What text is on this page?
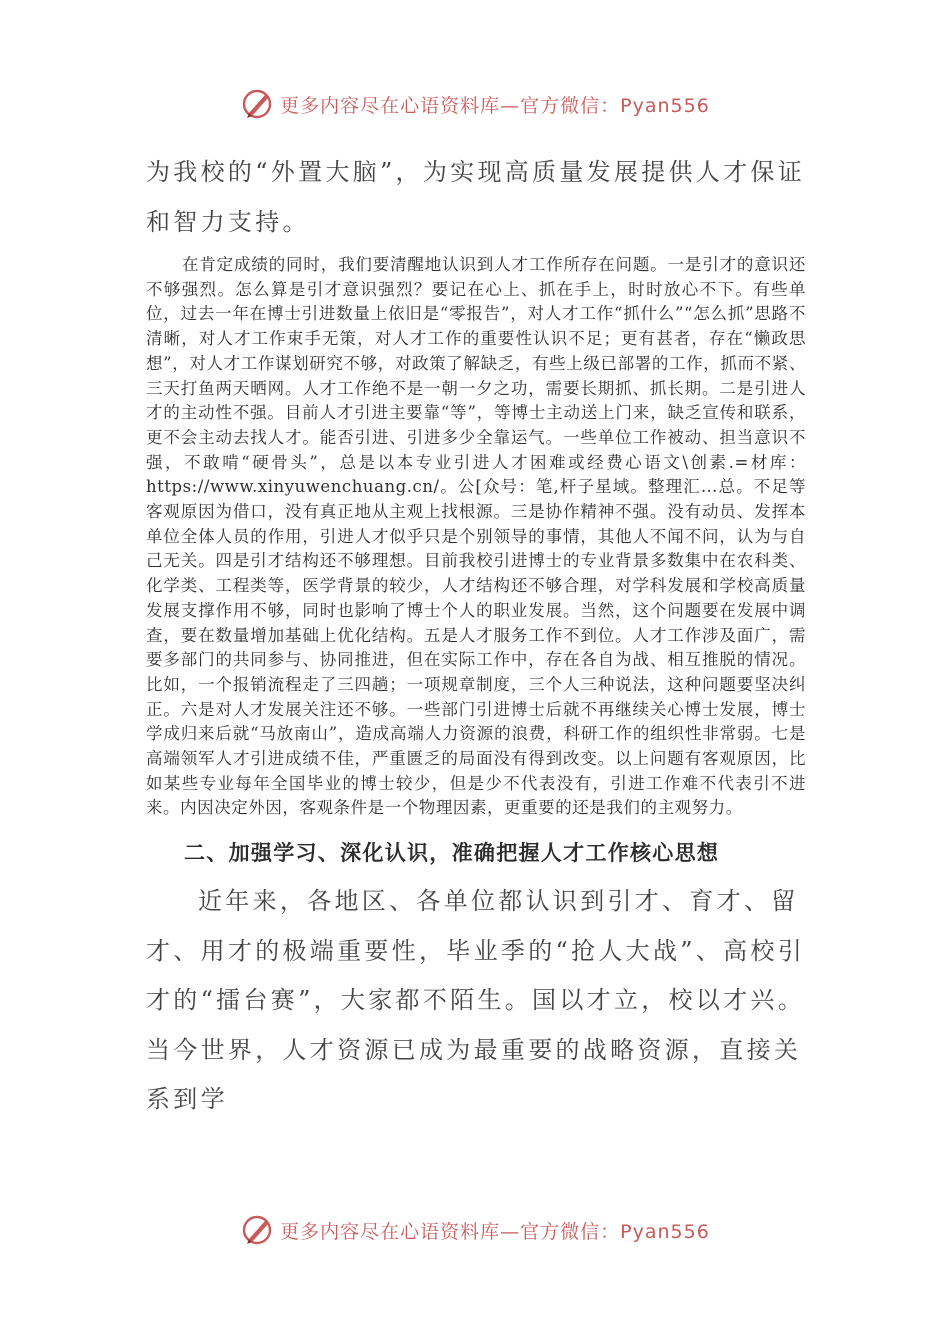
更多内容尽在心语资料库—官方微信：Pyan556

为我校的“外置大脑”，为实现高质量发展提供人才保证和智力支持。

在肯定成绩的同时，我们要清醒地认识到人才工作所存在问题。一是引才的意识还不够强烈。怎么算是引才意识强烈？要记在心上、抓在手上，时时放心不下。有些单位，过去一年在博士引进数量上依旧是“零报告”，对人才工作“抓什么”“怎么抓”思路不清晰，对人才工作束手无策，对人才工作的重要性认识不足；更有甚者，存在“懒政思想”，对人才工作谋划研究不够，对政策了解缺乏，有些上级已部署的工作，抓而不紧、三天打鱼两天晒网。人才工作绝不是一朝一夕之功，需要长期抓、抓长期。二是引进人才的主动性不强。目前人才引进主要靠“等”，等博士主动送上门来，缺乏宣传和联系，更不会主动去找人才。能否引进、引进多少全靠运气。一些单位工作被动、担当意识不强，不敢啃“硬骨头”，总是以本专业引进人才困难或经费心语文\创素.=材库：https://www.xinyuwenchuang.cn/。公[众号：笔,杆子星域。整理汇…总。不足等客观原因为借口，没有真正地从主观上找根源。三是协作精神不强。没有动员、发挥本单位全体人员的作用，引进人才似乎只是个别领导的事情，其他人不闻不问，认为与自己无关。四是引才结构还不够理想。目前我校引进博士的专业背景多数集中在农科类、化学类、工程类等，医学背景的较少，人才结构还不够合理，对学科发展和学校高质量发展支撑作用不够，同时也影响了博士个人的职业发展。当然，这个问题要在发展中调查，要在数量增加基础上优化结构。五是人才服务工作不到位。人才工作涉及面广，需要多部门的共同参与、协同推进，但在实际工作中，存在各自为战、相互推脱的情况。比如，一个报销流程走了三四趟；一项规章制度，三个人三种说法，这种问题要坚决纠正。六是对人才发展关注还不够。一些部门引进博士后就不再继续关心博士发展，博士学成归来后就“马放南山”，造成高端人力资源的浪费，科研工作的组织性非常弱。七是高端领军人才引进成绩不佳，严重匮乏的局面没有得到改变。以上问题有客观原因，比如某些专业每年全国毕业的博士较少，但是少不代表没有，引进工作难不代表引不进来。内因决定外因，客观条件是一个物理因素，更重要的还是我们的主观努力。

二、加强学习、深化认识，准确把握人才工作核心思想

近年来，各地区、各单位都认识到引才、育才、留才、用才的极端重要性，毕业季的“抢人大战”、高校引才的“擂台赛”，大家都不陌生。国以才立，校以才兴。当今世界，人才资源已成为最重要的战略资源，直接关系到学

更多内容尽在心语资料库—官方微信：Pyan556
